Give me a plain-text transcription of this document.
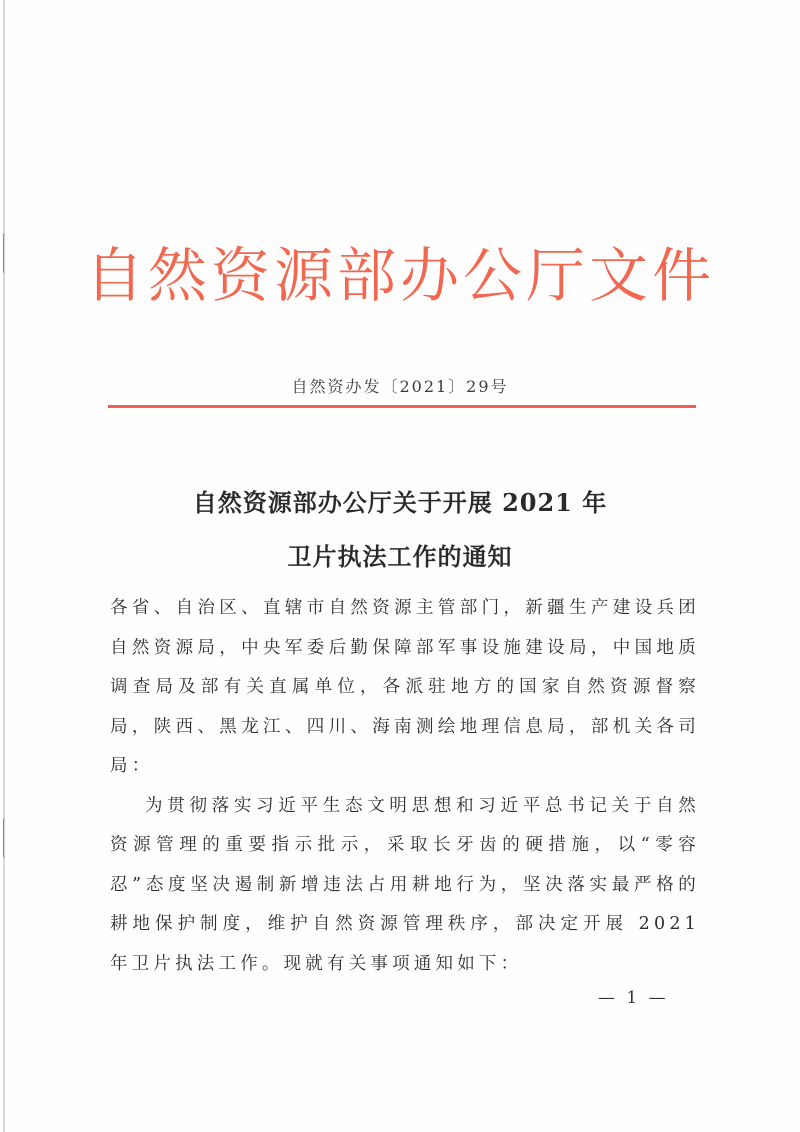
自然资源部办公厅文件
自然资办发〔2021〕29号
自然资源部办公厅关于开展 2021 年
卫片执法工作的通知

各省、自治区、直辖市自然资源主管部门，新疆生产建设兵团自然资源局，中央军委后勤保障部军事设施建设局，中国地质调查局及部有关直属单位，各派驻地方的国家自然资源督察局，陕西、黑龙江、四川、海南测绘地理信息局，部机关各司局：

为贯彻落实习近平生态文明思想和习近平总书记关于自然资源管理的重要指示批示，采取长牙齿的硬措施，以“零容忍”态度坚决遏制新增违法占用耕地行为，坚决落实最严格的耕地保护制度，维护自然资源管理秩序，部决定开展 2021 年卫片执法工作。现就有关事项通知如下：

— 1 —
